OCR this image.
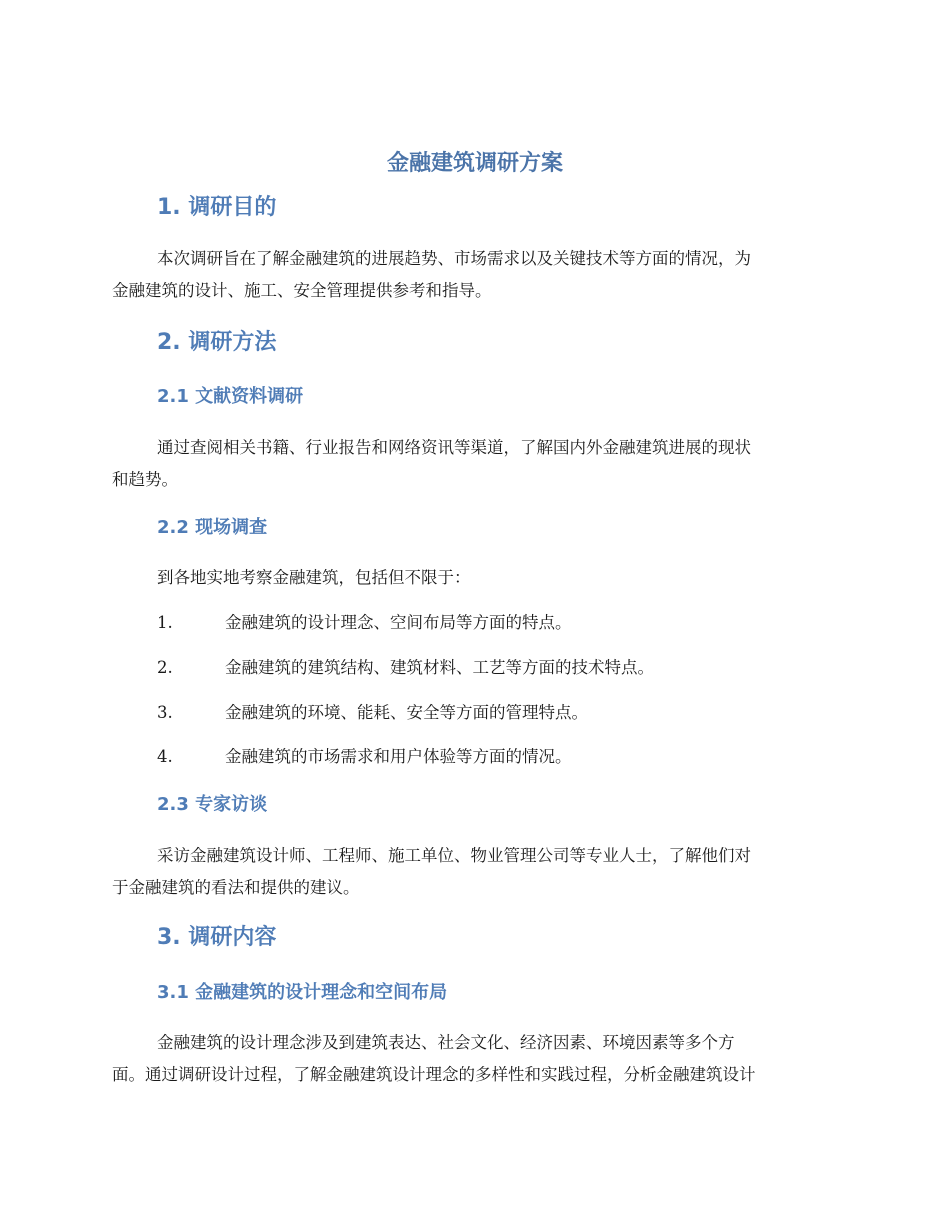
金融建筑调研方案
1. 调研目的
本次调研旨在了解金融建筑的进展趋势、市场需求以及关键技术等方面的情况，为
金融建筑的设计、施工、安全管理提供参考和指导。
2. 调研方法
2.1 文献资料调研
通过查阅相关书籍、行业报告和网络资讯等渠道，了解国内外金融建筑进展的现状
和趋势。
2.2 现场调查
到各地实地考察金融建筑，包括但不限于：
1.	金融建筑的设计理念、空间布局等方面的特点。
2.	金融建筑的建筑结构、建筑材料、工艺等方面的技术特点。
3.	金融建筑的环境、能耗、安全等方面的管理特点。
4.	金融建筑的市场需求和用户体验等方面的情况。
2.3 专家访谈
采访金融建筑设计师、工程师、施工单位、物业管理公司等专业人士，了解他们对
于金融建筑的看法和提供的建议。
3. 调研内容
3.1 金融建筑的设计理念和空间布局
金融建筑的设计理念涉及到建筑表达、社会文化、经济因素、环境因素等多个方
面。通过调研设计过程，了解金融建筑设计理念的多样性和实践过程，分析金融建筑设计
